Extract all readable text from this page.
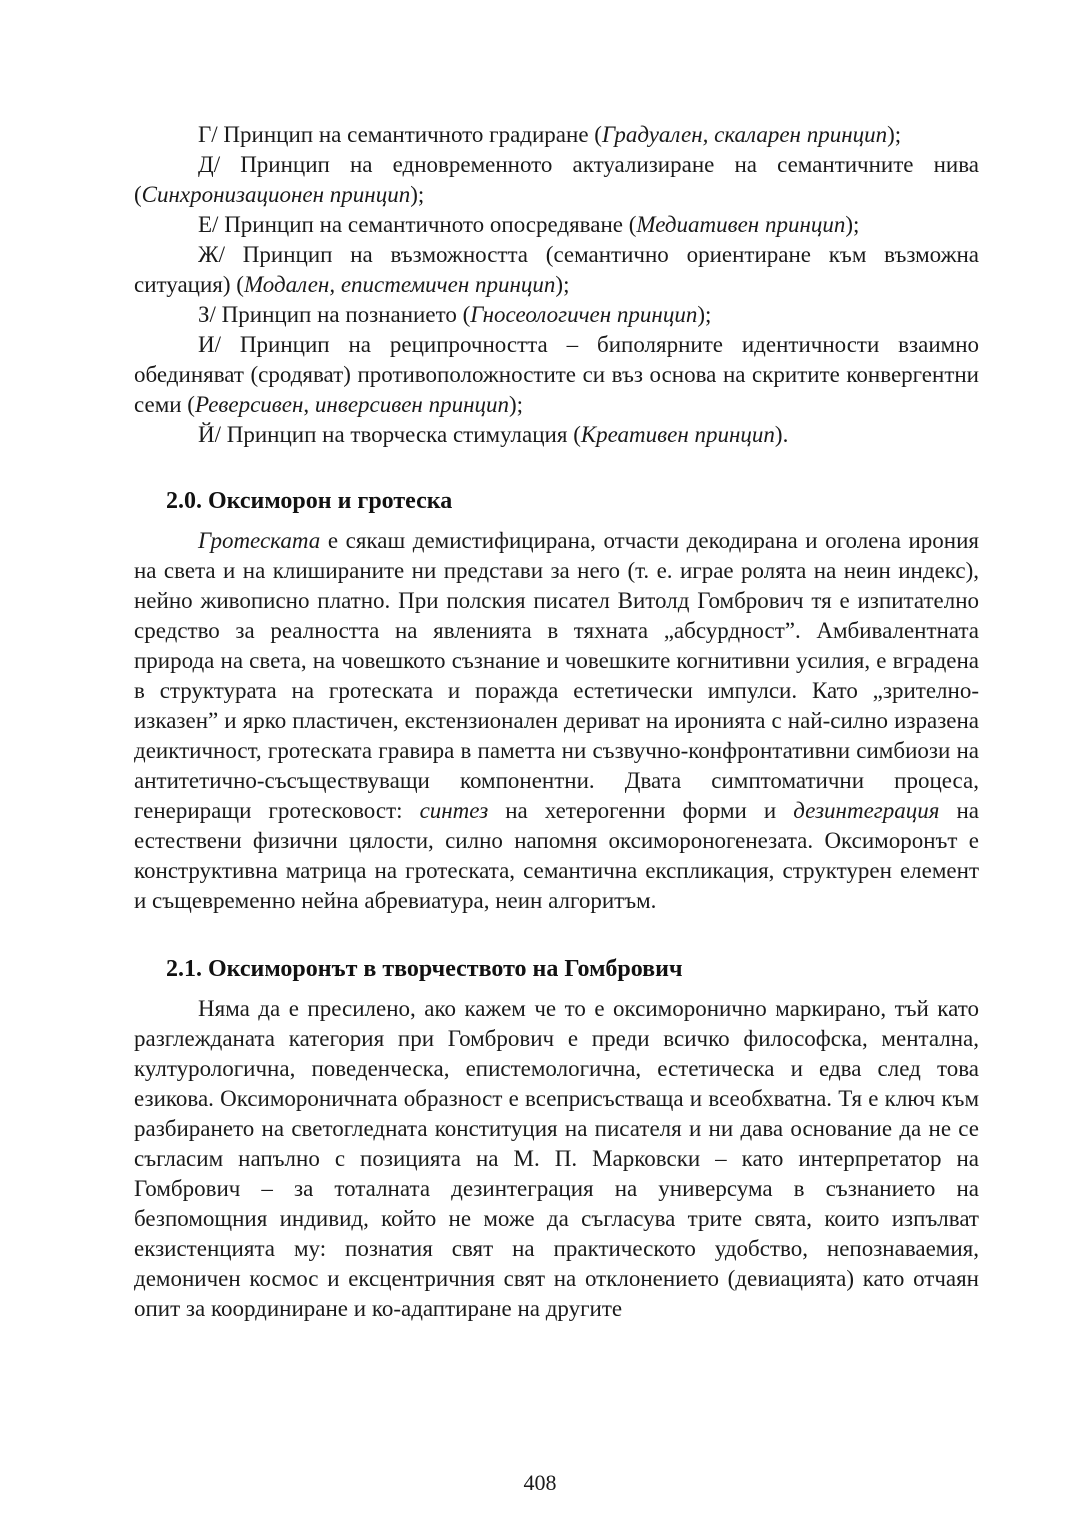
Г/ Принцип на семантичното градиране (Градуален, скаларен принцип);

Д/ Принцип на едновременното актуализиране на семантичните нива (Синхронизационен принцип);

Е/ Принцип на семантичното опосредяване (Медиативен принцип);

Ж/ Принцип на възможността (семантично ориентиране към възможна ситуация) (Модален, епистемичен принцип);

З/ Принцип на познанието (Гносеологичен принцип);

И/ Принцип на реципрочността – биполярните идентичности взаимно обединяват (сродяват) противоположностите си въз основа на скритите конвергентни семи (Реверсивен, инверсивен принцип);

Й/ Принцип на творческа стимулация (Креативен принцип).

2.0. Оксиморон и гротеска

Гротеската е сякаш демистифицирана, отчасти декодирана и оголена ирония на света и на клишираните ни представи за него (т. е. играе ролята на неин индекс), нейно живописно платно. При полския писател Витолд Гомбрович тя е изпитателно средство за реалността на явленията в тяхната „абсурдност”. Амбивалентната природа на света, на човешкото съзнание и човешките когнитивни усилия, е вградена в структурата на гротеската и поражда естетически импулси. Като „зрително-изказен” и ярко пластичен, екстензионален дериват на иронията с най-силно изразена деиктичност, гротеската гравира в паметта ни съзвучно-конфронтативни симбиози на антитетично-съсъществуващи компонентни. Двата симптоматични процеса, генериращи гротесковост: синтез на хетерогенни форми и дезинтеграция на естествени физични цялости, силно напомня оксимороногенезата. Оксиморонът е конструктивна матрица на гротеската, семантична експликация, структурен елемент и същевременно нейна абревиатура, неин алгоритъм.

2.1. Оксиморонът в творчеството на Гомбрович

Няма да е пресилено, ако кажем че то е оксиморонично маркирано, тъй като разглежданата категория при Гомбрович е преди всичко философска, ментална, културологична, поведенческа, епистемологична, естетическа и едва след това езикова. Оксимороничната образност е всеприсъстваща и всеобхватна. Тя е ключ към разбирането на светогледната конституция на писателя и ни дава основание да не се съгласим напълно с позицията на М. П. Марковски – като интерпретатор на Гомбрович – за тоталната дезинтеграция на универсума в съзнанието на безпомощния индивид, който не може да съгласува трите свята, които изпълват екзистенцията му: познатия свят на практическото удобство, непознаваемия, демоничен космос и ексцентричния свят на отклонението (девиацията) като отчаян опит за координиране и ко-адаптиране на другите

408
